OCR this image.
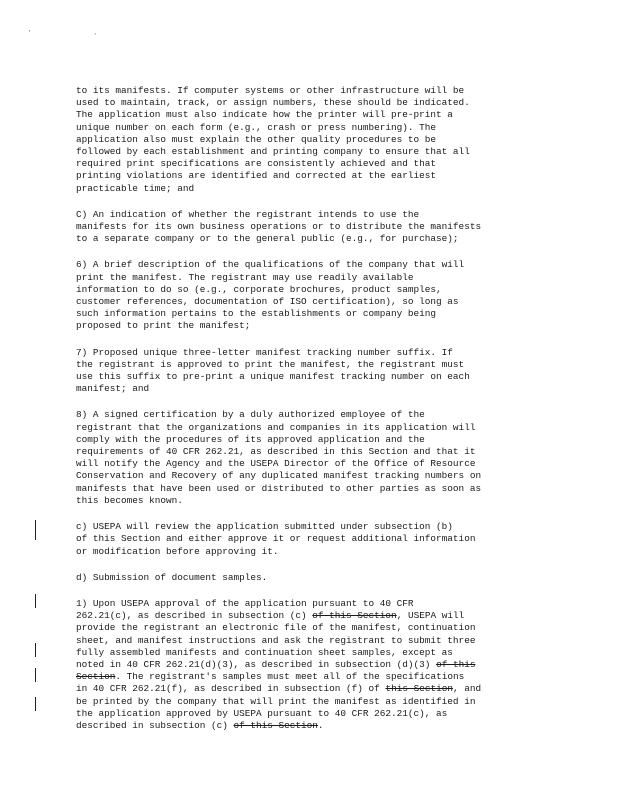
' ,
to its manifests. If computer systems or other infrastructure will be
used to maintain, track, or assign numbers, these should be indicated.
The application must also indicate how the printer will pre-print a
unique number on each form (e.g., crash or press numbering). The
application also must explain the other quality procedures to be
followed by each establishment and printing company to ensure that all
required print specifications are consistently achieved and that
printing violations are identified and corrected at the earliest
practicable time; and
C) An indication of whether the registrant intends to use the
manifests for its own business operations or to distribute the manifests
to a separate company or to the general public (e.g., for purchase);
6) A brief description of the qualifications of the company that will
print the manifest. The registrant may use readily available
information to do so (e.g., corporate brochures, product samples,
customer references, documentation of ISO certification), so long as
such information pertains to the establishments or company being
proposed to print the manifest;
7) Proposed unique three-letter manifest tracking number suffix. If
the registrant is approved to print the manifest, the registrant must
use this suffix to pre-print a unique manifest tracking number on each
manifest; and
8) A signed certification by a duly authorized employee of the
registrant that the organizations and companies in its application will
comply with the procedures of its approved application and the
requirements of 40 CFR 262.21, as described in this Section and that it
will notify the Agency and the USEPA Director of the Office of Resource
Conservation and Recovery of any duplicated manifest tracking numbers on
manifests that have been used or distributed to other parties as soon as
this becomes known.
c) USEPA will review the application submitted under subsection (b)
of this Section and either approve it or request additional information
or modification before approving it.
d) Submission of document samples.
1) Upon USEPA approval of the application pursuant to 40 CFR
262.21(c), as described in subsection (c) of this Section, USEPA will
provide the registrant an electronic file of the manifest, continuation
sheet, and manifest instructions and ask the registrant to submit three
fully assembled manifests and continuation sheet samples, except as
noted in 40 CFR 262.21(d)(3), as described in subsection (d)(3) of this
Section. The registrant's samples must meet all of the specifications
in 40 CFR 262.21(f), as described in subsection (f) of this Section, and
be printed by the company that will print the manifest as identified in
the application approved by USEPA pursuant to 40 CFR 262.21(c), as
described in subsection (c) of this Section.
